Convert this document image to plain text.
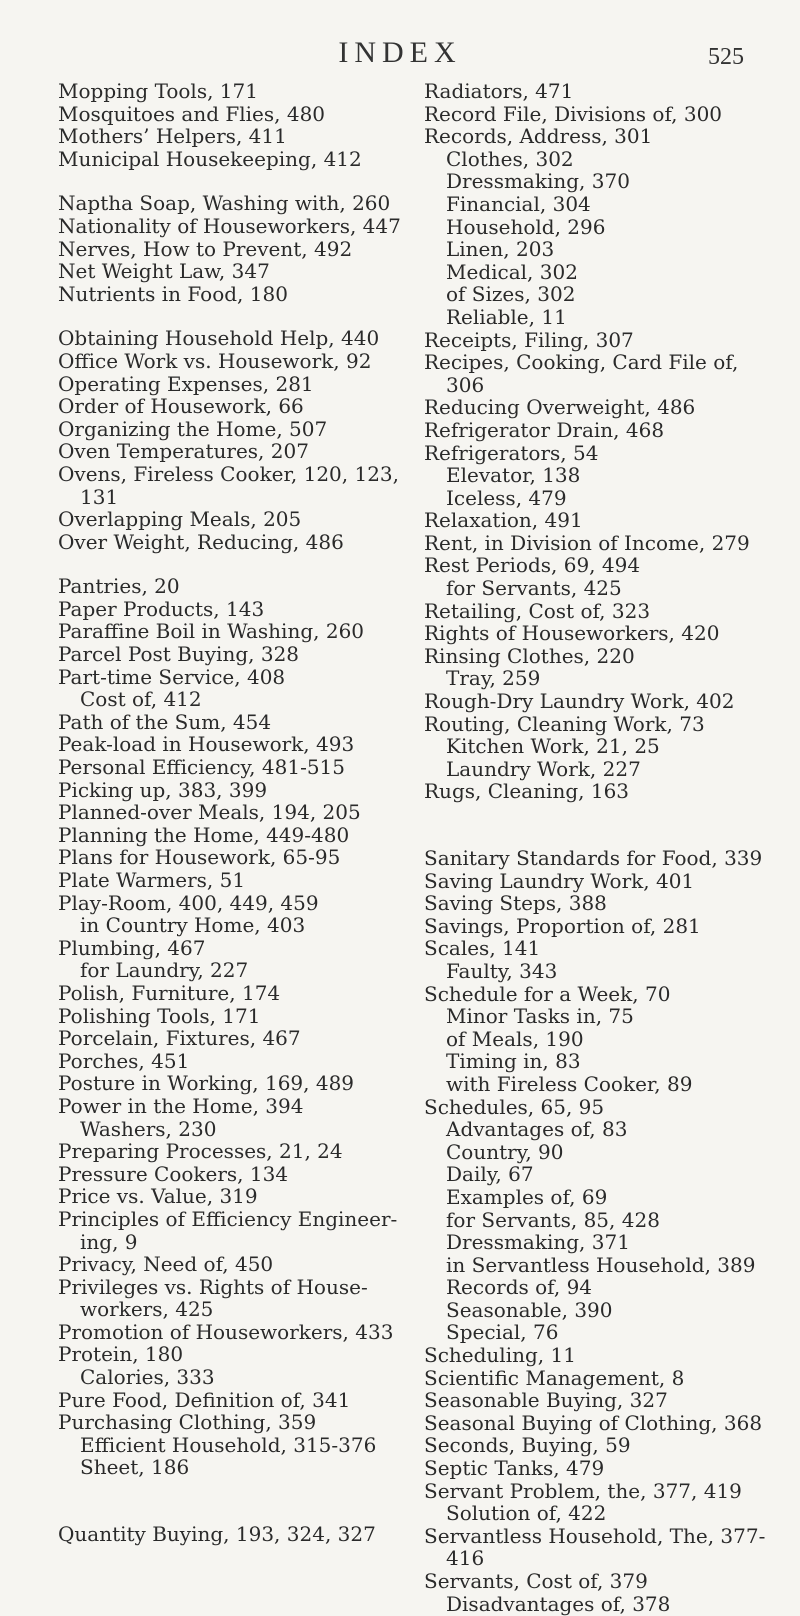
INDEX	525
Mopping Tools, 171
Mosquitoes and Flies, 480
Mothers’ Helpers, 411
Municipal Housekeeping, 412
Naptha Soap, Washing with, 260
Nationality of Houseworkers, 447
Nerves, How to Prevent, 492
Net Weight Law, 347
Nutrients in Food, 180
Obtaining Household Help, 440
Office Work vs. Housework, 92
Operating Expenses, 281
Order of Housework, 66
Organizing the Home, 507
Oven Temperatures, 207
Ovens, Fireless Cooker, 120, 123,
131
Overlapping Meals, 205
Over Weight, Reducing, 486
Pantries, 20
Paper Products, 143
Paraffine Boil in Washing, 260
Parcel Post Buying, 328
Part-time Service, 408
Cost of, 412
Path of the Sum, 454
Peak-load in Housework, 493
Personal Efficiency, 481-515
Picking up, 383, 399
Planned-over Meals, 194, 205
Planning the Home, 449-480
Plans for Housework, 65-95
Plate Warmers, 51
Play-Room, 400, 449, 459
in Country Home, 403
Plumbing, 467
for Laundry, 227
Polish, Furniture, 174
Polishing Tools, 171
Porcelain, Fixtures, 467
Porches, 451
Posture in Working, 169, 489
Power in the Home, 394
Washers, 230
Preparing Processes, 21, 24
Pressure Cookers, 134
Price vs. Value, 319
Principles of Efficiency Engineer-
ing, 9
Privacy, Need of, 450
Privileges vs. Rights of House-
workers, 425
Promotion of Houseworkers, 433
Protein, 180
Calories, 333
Pure Food, Definition of, 341
Purchasing Clothing, 359
Efficient Household, 315-376
Sheet, 186
Quantity Buying, 193, 324, 327
Radiators, 471
Record File, Divisions of, 300
Records, Address, 301
Clothes, 302
Dressmaking, 370
Financial, 304
Household, 296
Linen, 203
Medical, 302
of Sizes, 302
Reliable, 11
Receipts, Filing, 307
Recipes, Cooking, Card File of,
306
Reducing Overweight, 486
Refrigerator Drain, 468
Refrigerators, 54
Elevator, 138
Iceless, 479
Relaxation, 491
Rent, in Division of Income, 279
Rest Periods, 69, 494
for Servants, 425
Retailing, Cost of, 323
Rights of Houseworkers, 420
Rinsing Clothes, 220
Tray, 259
Rough-Dry Laundry Work, 402
Routing, Cleaning Work, 73
Kitchen Work, 21, 25
Laundry Work, 227
Rugs, Cleaning, 163
Sanitary Standards for Food, 339
Saving Laundry Work, 401
Saving Steps, 388
Savings, Proportion of, 281
Scales, 141
Faulty, 343
Schedule for a Week, 70
Minor Tasks in, 75
of Meals, 190
Timing in, 83
with Fireless Cooker, 89
Schedules, 65, 95
Advantages of, 83
Country, 90
Daily, 67
Examples of, 69
for Servants, 85, 428
Dressmaking, 371
in Servantless Household, 389
Records of, 94
Seasonable, 390
Special, 76
Scheduling, 11
Scientific Management, 8
Seasonable Buying, 327
Seasonal Buying of Clothing, 368
Seconds, Buying, 59
Septic Tanks, 479
Servant Problem, the, 377, 419
Solution of, 422
Servantless Household, The, 377-
416
Servants, Cost of, 379
Disadvantages of, 378
